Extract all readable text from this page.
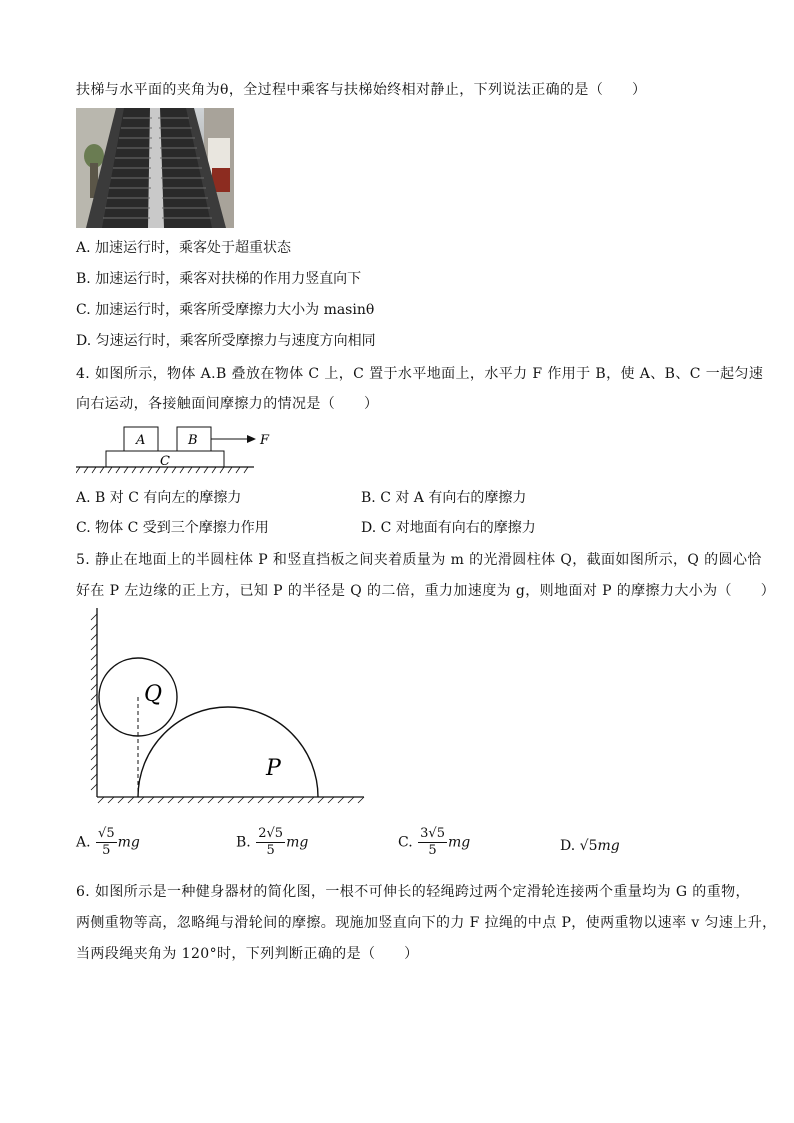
扶梯与水平面的夹角为θ，全过程中乘客与扶梯始终相对静止，下列说法正确的是（　　）
A. 加速运行时，乘客处于超重状态
B. 加速运行时，乘客对扶梯的作用力竖直向下
C. 加速运行时，乘客所受摩擦力大小为 masinθ
D. 匀速运行时，乘客所受摩擦力与速度方向相同
4. 如图所示，物体 A.B 叠放在物体 C 上，C 置于水平地面上，水平力 F 作用于 B，使 A、B、C 一起匀速
向右运动，各接触面间摩擦力的情况是（　　）
A	B
C
F
A. B 对 C 有向左的摩擦力	B. C 对 A 有向右的摩擦力
C. 物体 C 受到三个摩擦力作用	D. C 对地面有向右的摩擦力
5. 静止在地面上的半圆柱体 P 和竖直挡板之间夹着质量为 m 的光滑圆柱体 Q，截面如图所示，Q 的圆心恰
好在 P 左边缘的正上方，已知 P 的半径是 Q 的二倍，重力加速度为 g，则地面对 P 的摩擦力大小为（　　）
Q
P
A. $\frac{√5}{5}$ mg	B. $\frac{2√5}{5}$ mg	C. $\frac{3√5}{5}$ mg	D. √5mg
6. 如图所示是一种健身器材的简化图，一根不可伸长的轻绳跨过两个定滑轮连接两个重量均为 G 的重物，
两侧重物等高，忽略绳与滑轮间的摩擦。现施加竖直向下的力 F 拉绳的中点 P，使两重物以速率 v 匀速上升，
当两段绳夹角为 120°时，下列判断正确的是（　　）
